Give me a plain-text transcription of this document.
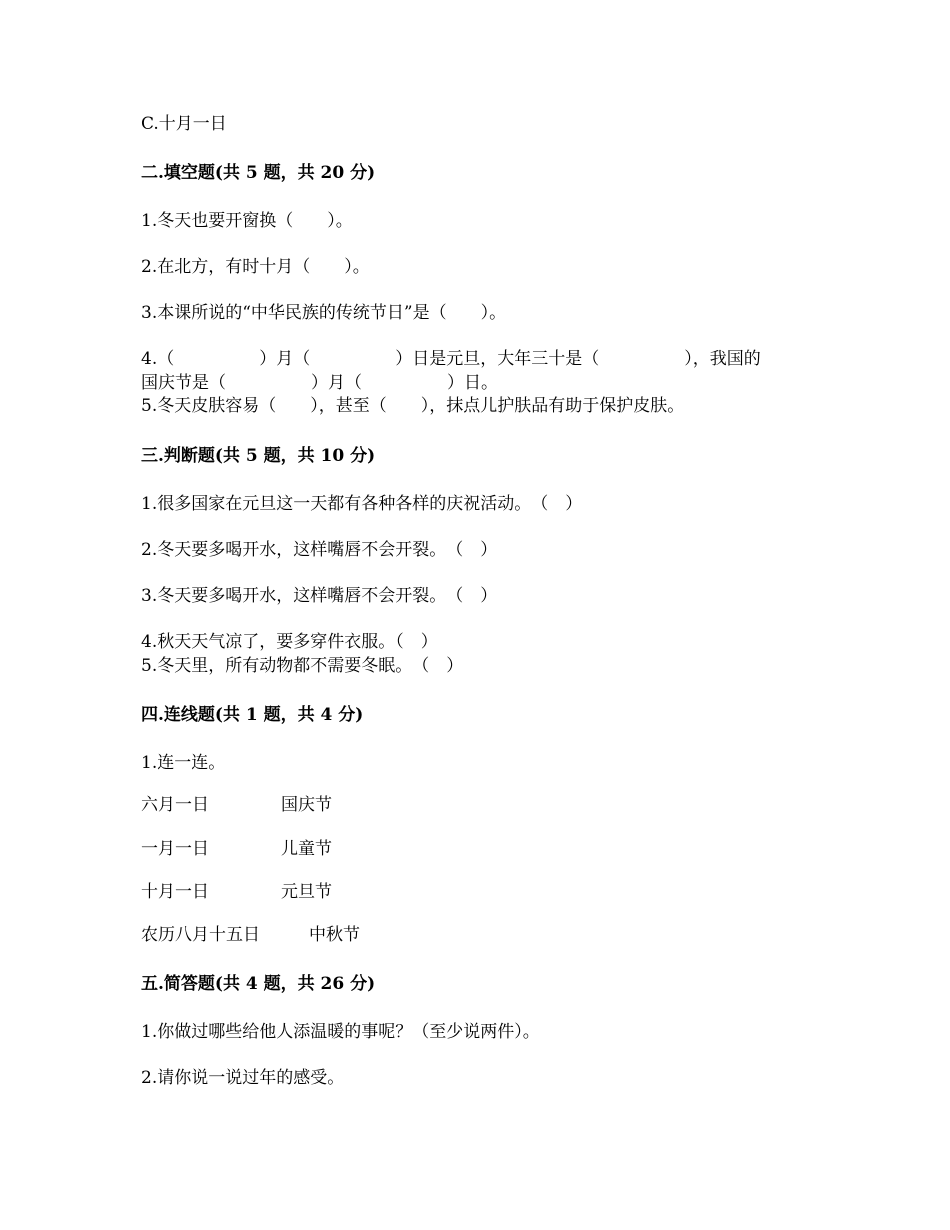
C.十月一日
二.填空题(共 5 题，共 20 分)
1.冬天也要开窗换（　　）。
2.在北方，有时十月（　　）。
3.本课所说的“中华民族的传统节日”是（　　）。
4.（　　　　　）月（　　　　　）日是元旦，大年三十是（　　　　　），我国的
国庆节是（　　　　　）月（　　　　　）日。
5.冬天皮肤容易（　　），甚至（　　），抹点儿护肤品有助于保护皮肤。
三.判断题(共 5 题，共 10 分)
1.很多国家在元旦这一天都有各种各样的庆祝活动。　（　）
2.冬天要多喝开水，这样嘴唇不会开裂。　（　）
3.冬天要多喝开水，这样嘴唇不会开裂。　（　）
4.秋天天气凉了，要多穿件衣服。（　）
5.冬天里，所有动物都不需要冬眠。　（　）
四.连线题(共 1 题，共 4 分)
1.连一连。
六月一日	国庆节
一月一日	儿童节
十月一日	元旦节
农历八月十五日	中秋节
五.简答题(共 4 题，共 26 分)
1.你做过哪些给他人添温暖的事呢？（至少说两件）。
2.请你说一说过年的感受。
